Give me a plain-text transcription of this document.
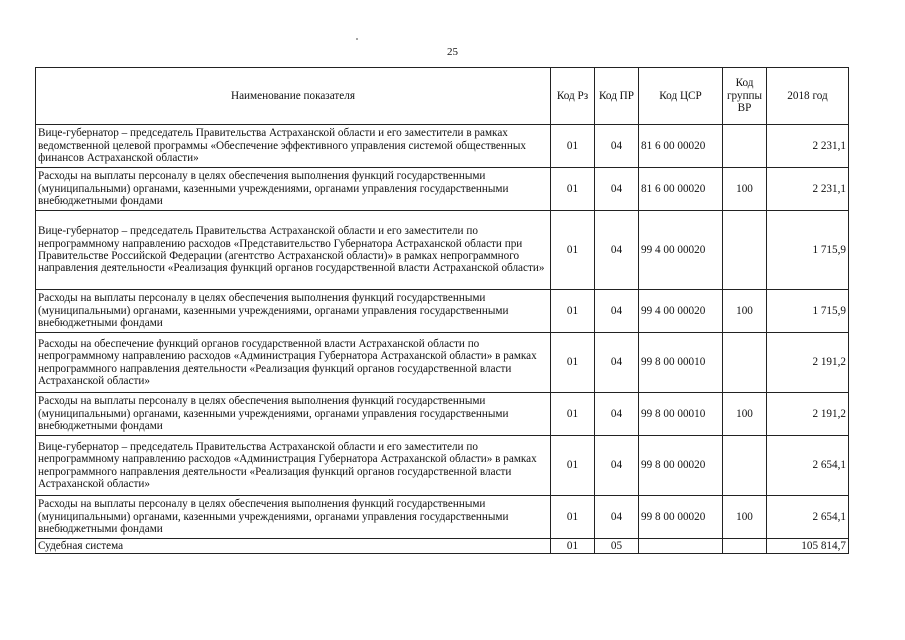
25
Наименование показателя	Код Рз	Код ПР	Код ЦСР	Код группы ВР	2018 год
Вице-губернатор – председатель Правительства Астраханской области и его заместители в рамках ведомственной целевой программы «Обеспечение эффективного управления системой общественных финансов Астраханской области»	01	04	81 6 00 00020		2 231,1
Расходы на выплаты персоналу в целях обеспечения выполнения функций государственными (муниципальными) органами, казенными учреждениями, органами управления государственными внебюджетными фондами	01	04	81 6 00 00020	100	2 231,1
Вице-губернатор – председатель Правительства Астраханской области и его заместители по непрограммному направлению расходов «Представительство Губернатора Астраханской области при Правительстве Российской Федерации (агентство Астраханской области)» в рамках непрограммного направления деятельности «Реализация функций органов государственной власти Астраханской области»	01	04	99 4 00 00020		1 715,9
Расходы на выплаты персоналу в целях обеспечения выполнения функций государственными (муниципальными) органами, казенными учреждениями, органами управления государственными внебюджетными фондами	01	04	99 4 00 00020	100	1 715,9
Расходы на обеспечение функций органов государственной власти Астраханской области по непрограммному направлению расходов «Администрация Губернатора Астраханской области» в рамках непрограммного направления деятельности «Реализация функций органов государственной власти Астраханской области»	01	04	99 8 00 00010		2 191,2
Расходы на выплаты персоналу в целях обеспечения выполнения функций государственными (муниципальными) органами, казенными учреждениями, органами управления государственными внебюджетными фондами	01	04	99 8 00 00010	100	2 191,2
Вице-губернатор – председатель Правительства Астраханской области и его заместители по непрограммному направлению расходов «Администрация Губернатора Астраханской области» в рамках непрограммного направления деятельности «Реализация функций органов государственной власти Астраханской области»	01	04	99 8 00 00020		2 654,1
Расходы на выплаты персоналу в целях обеспечения выполнения функций государственными (муниципальными) органами, казенными учреждениями, органами управления государственными внебюджетными фондами	01	04	99 8 00 00020	100	2 654,1
Судебная система	01	05			105 814,7
